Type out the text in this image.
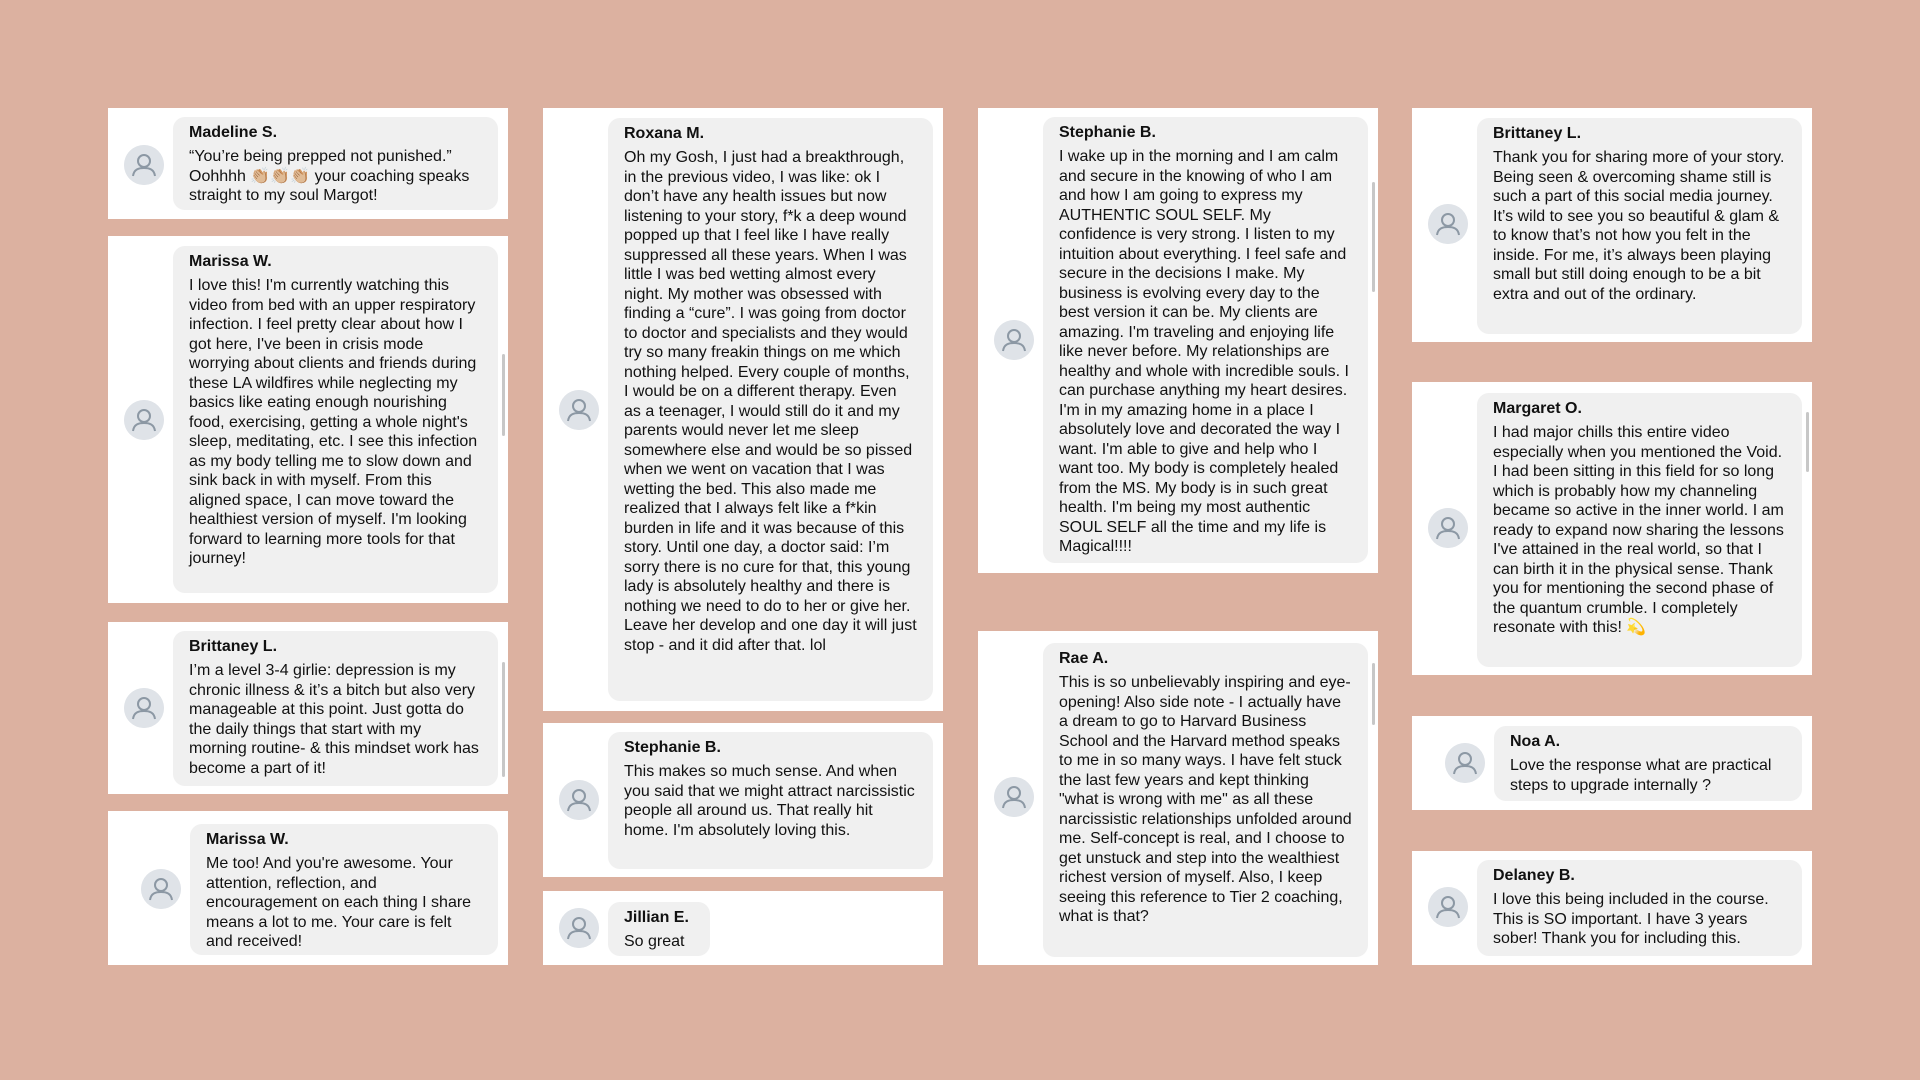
Madeline S.
“You’re being prepped not punished.” Oohhhh 👏🏼👏🏼👏🏼 your coaching speaks straight to my soul Margot!
Marissa W.
I love this! I'm currently watching this video from bed with an upper respiratory infection. I feel pretty clear about how I got here, I've been in crisis mode worrying about clients and friends during these LA wildfires while neglecting my basics like eating enough nourishing food, exercising, getting a whole night's sleep, meditating, etc. I see this infection as my body telling me to slow down and sink back in with myself. From this aligned space, I can move toward the healthiest version of myself. I'm looking forward to learning more tools for that journey!
Brittaney L.
I’m a level 3-4 girlie: depression is my chronic illness & it’s a bitch but also very manageable at this point. Just gotta do the daily things that start with my morning routine- & this mindset work has become a part of it!
Marissa W.
Me too! And you're awesome. Your attention, reflection, and encouragement on each thing I share means a lot to me. Your care is felt and received!
Roxana M.
Oh my Gosh, I just had a breakthrough, in the previous video, I was like: ok I don’t have any health issues but now listening to your story, f*k a deep wound popped up that I feel like I have really suppressed all these years. When I was little I was bed wetting almost every night. My mother was obsessed with finding a “cure”. I was going from doctor to doctor and specialists and they would try so many freakin things on me which nothing helped. Every couple of months, I would be on a different therapy. Even as a teenager, I would still do it and my parents would never let me sleep somewhere else and would be so pissed when we went on vacation that I was wetting the bed. This also made me realized that I always felt like a f*kin burden in life and it was because of this story. Until one day, a doctor said: I’m sorry there is no cure for that, this young lady is absolutely healthy and there is nothing we need to do to her or give her. Leave her develop and one day it will just stop - and it did after that. lol
Stephanie B.
This makes so much sense. And when you said that we might attract narcissistic people all around us. That really hit home. I'm absolutely loving this.
Jillian E.
So great
Stephanie B.
I wake up in the morning and I am calm and secure in the knowing of who I am and how I am going to express my AUTHENTIC SOUL SELF. My confidence is very strong. I listen to my intuition about everything. I feel safe and secure in the decisions I make. My business is evolving every day to the best version it can be. My clients are amazing. I'm traveling and enjoying life like never before. My relationships are healthy and whole with incredible souls. I can purchase anything my heart desires. I'm in my amazing home in a place I absolutely love and decorated the way I want. I'm able to give and help who I want too. My body is completely healed from the MS. My body is in such great health. I'm being my most authentic SOUL SELF all the time and my life is Magical!!!!
Rae A.
This is so unbelievably inspiring and eye-opening! Also side note - I actually have a dream to go to Harvard Business School and the Harvard method speaks to me in so many ways. I have felt stuck the last few years and kept thinking "what is wrong with me" as all these narcissistic relationships unfolded around me. Self-concept is real, and I choose to get unstuck and step into the wealthiest richest version of myself. Also, I keep seeing this reference to Tier 2 coaching, what is that?
Brittaney L.
Thank you for sharing more of your story. Being seen & overcoming shame still is such a part of this social media journey. It’s wild to see you so beautiful & glam & to know that’s not how you felt in the inside. For me, it’s always been playing small but still doing enough to be a bit extra and out of the ordinary.
Margaret O.
I had major chills this entire video especially when you mentioned the Void. I had been sitting in this field for so long which is probably how my channeling became so active in the inner world. I am ready to expand now sharing the lessons I've attained in the real world, so that I can birth it in the physical sense. Thank you for mentioning the second phase of the quantum crumble. I completely resonate with this! 💫
Noa A.
Love the response what are practical steps to upgrade internally ?
Delaney B.
I love this being included in the course. This is SO important. I have 3 years sober! Thank you for including this.
